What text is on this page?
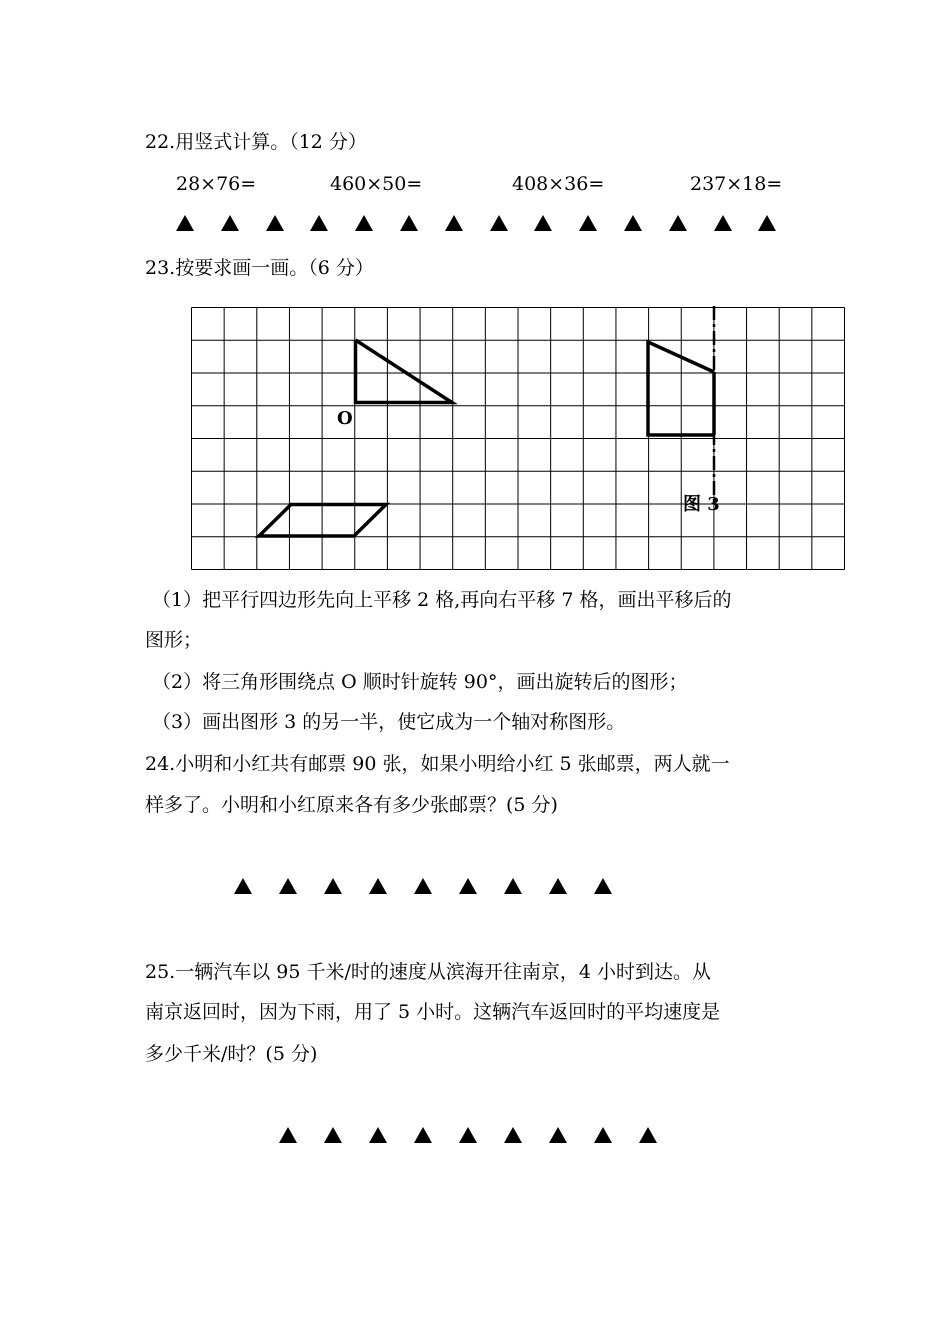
22.用竖式计算。（12 分）
28×76=	460×50=	408×36=	237×18=
23.按要求画一画。（6 分）
O
图 3
（1）把平行四边形先向上平移 2 格,再向右平移 7 格，画出平移后的
图形；
（2）将三角形围绕点 O 顺时针旋转 90°，画出旋转后的图形；
（3）画出图形 3 的另一半，使它成为一个轴对称图形。
24.小明和小红共有邮票 90 张，如果小明给小红 5 张邮票，两人就一
样多了。小明和小红原来各有多少张邮票？(5 分)
25.一辆汽车以 95 千米/时的速度从滨海开往南京，4 小时到达。从
南京返回时，因为下雨，用了 5 小时。这辆汽车返回时的平均速度是
多少千米/时？(5 分)
